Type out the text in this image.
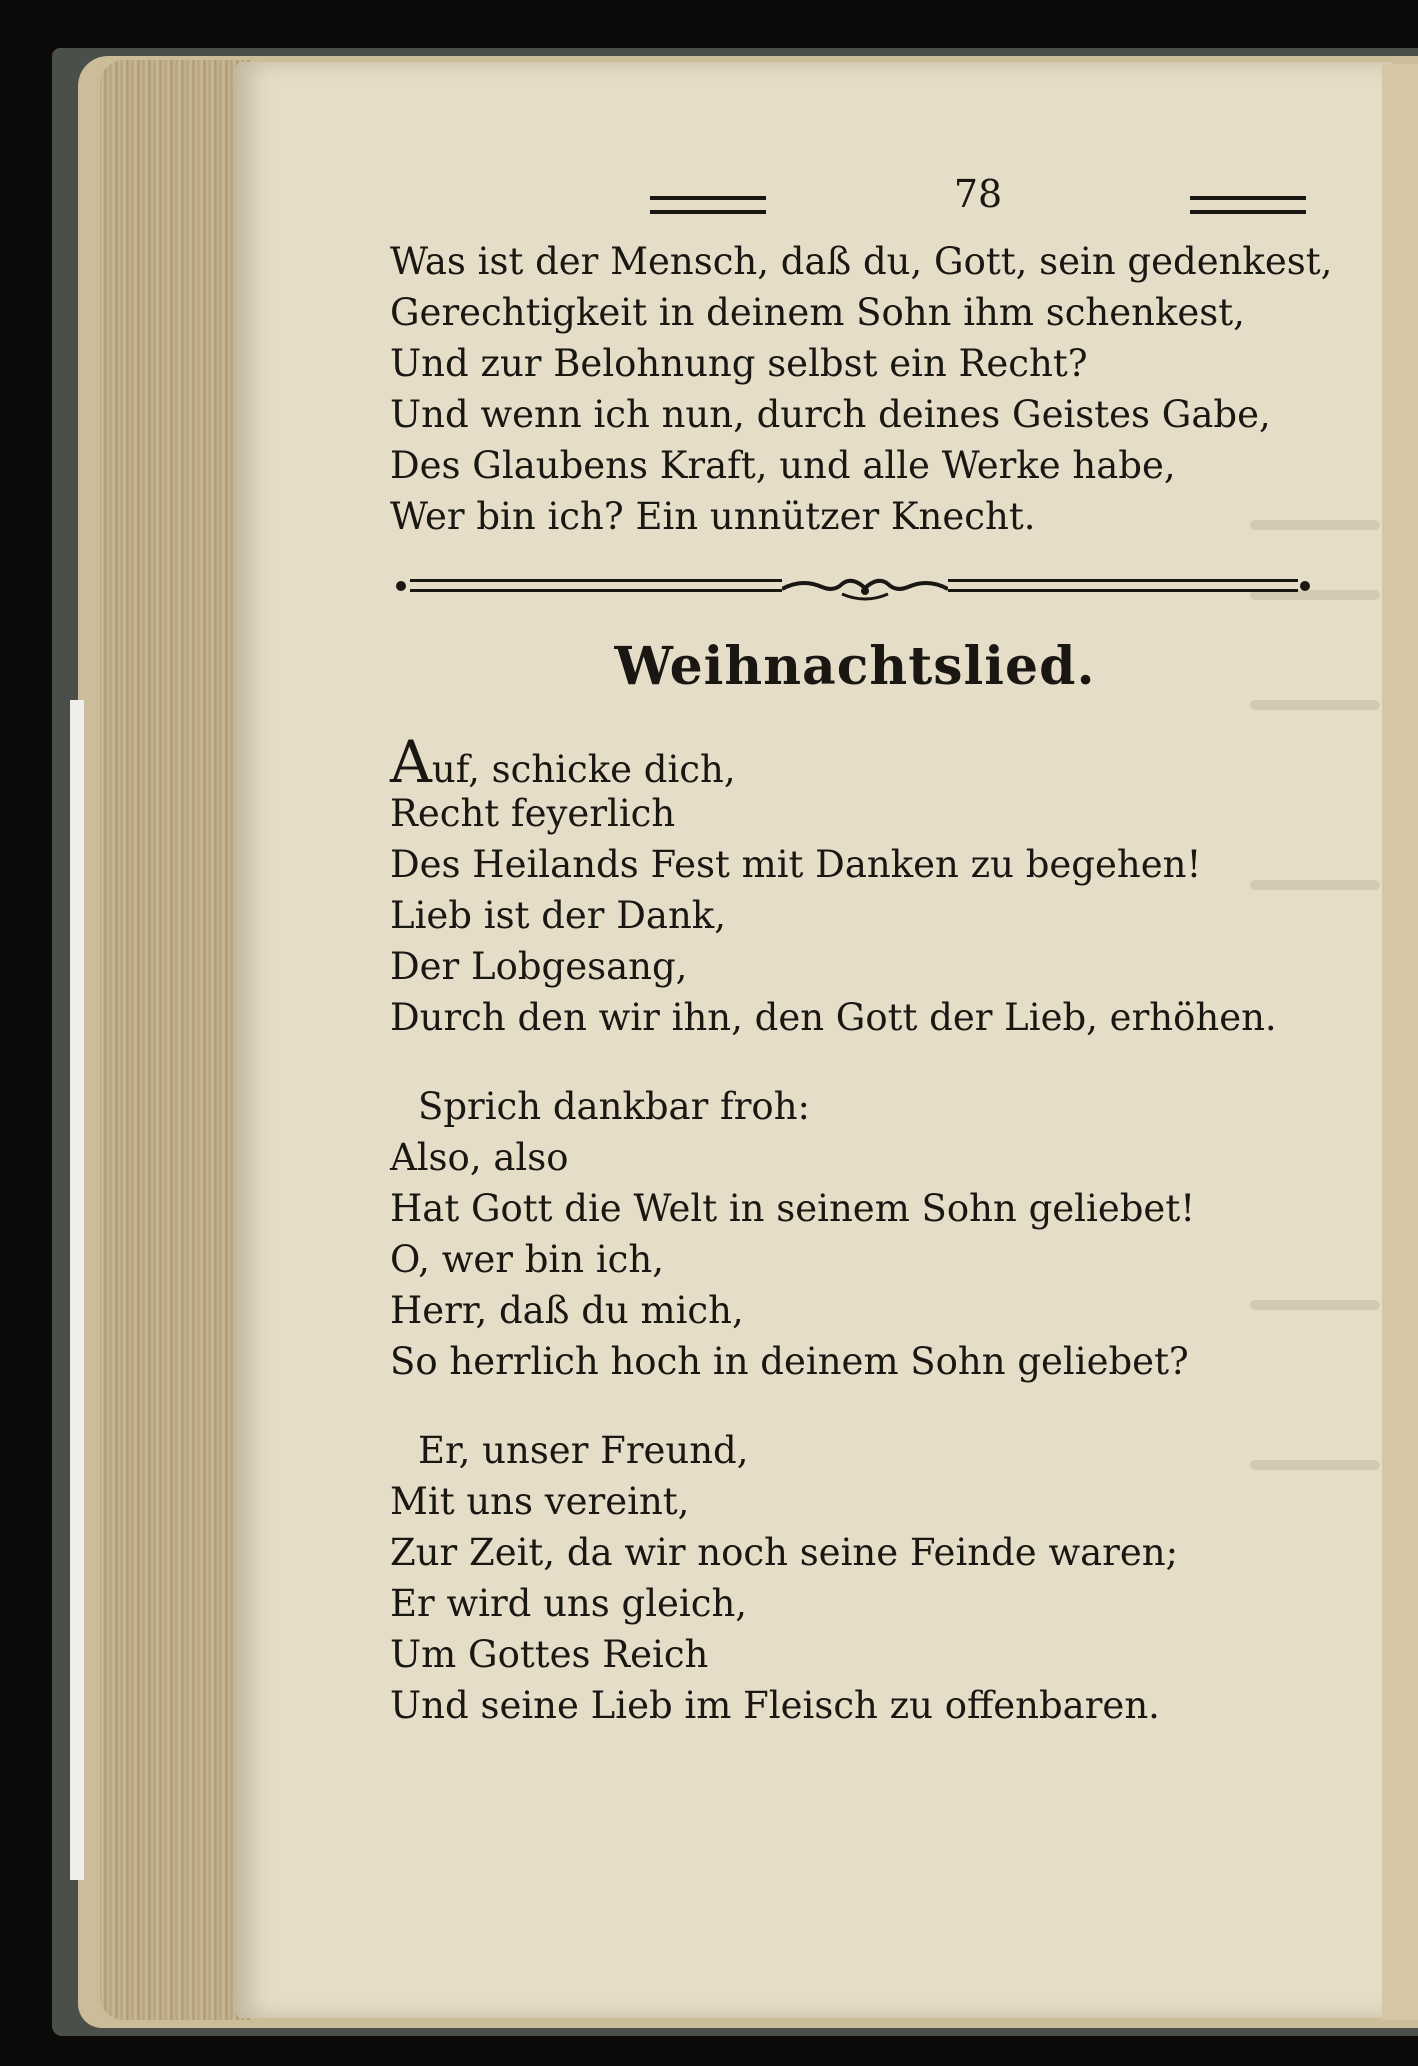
78
Was ist der Mensch, daß du, Gott, sein gedenkest,
Gerechtigkeit in deinem Sohn ihm schenkest,
Und zur Belohnung selbst ein Recht?
Und wenn ich nun, durch deines Geistes Gabe,
Des Glaubens Kraft, und alle Werke habe,
Wer bin ich? Ein unnützer Knecht.
Weihnachtslied.
Auf, schicke dich,
Recht feyerlich
Des Heilands Fest mit Danken zu begehen!
Lieb ist der Dank,
Der Lobgesang,
Durch den wir ihn, den Gott der Lieb, erhöhen.
Sprich dankbar froh:
Also, also
Hat Gott die Welt in seinem Sohn geliebet!
O, wer bin ich,
Herr, daß du mich,
So herrlich hoch in deinem Sohn geliebet?
Er, unser Freund,
Mit uns vereint,
Zur Zeit, da wir noch seine Feinde waren;
Er wird uns gleich,
Um Gottes Reich
Und seine Lieb im Fleisch zu offenbaren.
